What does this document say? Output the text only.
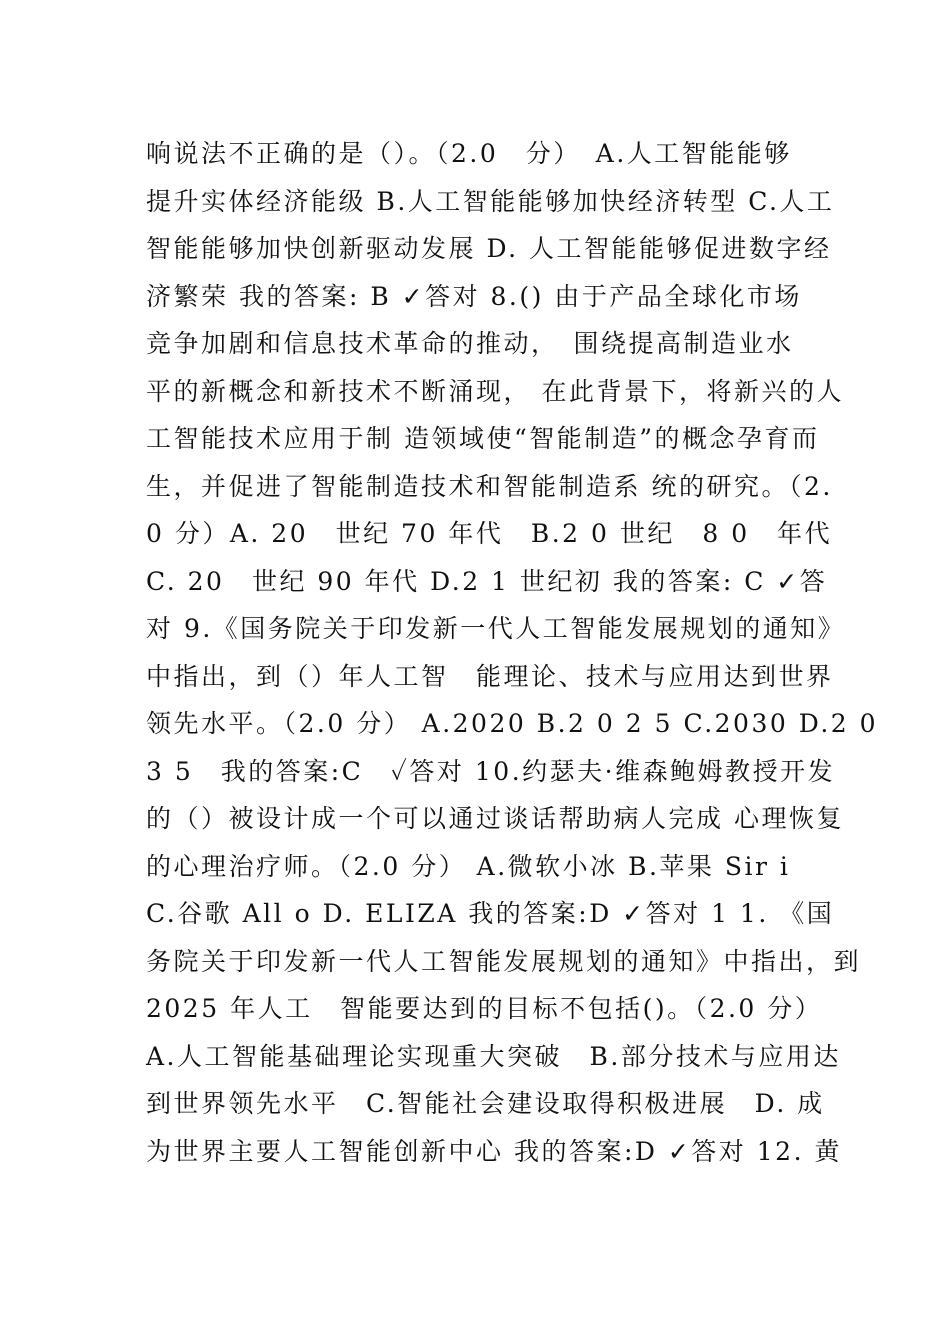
响说法不正确的是（）。（2.0　分）　A.人工智能能够
提升实体经济能级 B.人工智能能够加快经济转型 C.人工
智能能够加快创新驱动发展 D. 人工智能能够促进数字经
济繁荣 我的答案: B ✓答对 8.() 由于产品全球化市场
竞争加剧和信息技术革命的推动，　围绕提高制造业水
平的新概念和新技术不断涌现， 在此背景下，将新兴的人
工智能技术应用于制 造领域使“智能制造”的概念孕育而
生，并促进了智能制造技术和智能制造系 统的研究。（2.
0 分）A. 20　世纪 70 年代　B.2 0 世纪　8 0　年代
C. 20　世纪 90 年代 D.2 1 世纪初 我的答案: C ✓答
对 9.《国务院关于印发新一代人工智能发展规划的通知》
中指出，到（）年人工智　能理论、技术与应用达到世界
领先水平。（2.0 分） A.2020 B.2 0 2 5 C.2030 D.2 0
3 5　我的答案:C　✓答对 10.约瑟夫·维森鲍姆教授开发
的（）被设计成一个可以通过谈话帮助病人完成 心理恢复
的心理治疗师。（2.0 分） A.微软小冰 B.苹果 Sir i
C.谷歌 All o D. ELIZA 我的答案:D ✓答对 1 1. 《国
务院关于印发新一代人工智能发展规划的通知》中指出，到
2025 年人工　智能要达到的目标不包括()。（2.0 分）
A.人工智能基础理论实现重大突破　B.部分技术与应用达
到世界领先水平　C.智能社会建设取得积极进展　D. 成
为世界主要人工智能创新中心 我的答案:D ✓答对 12. 黄
